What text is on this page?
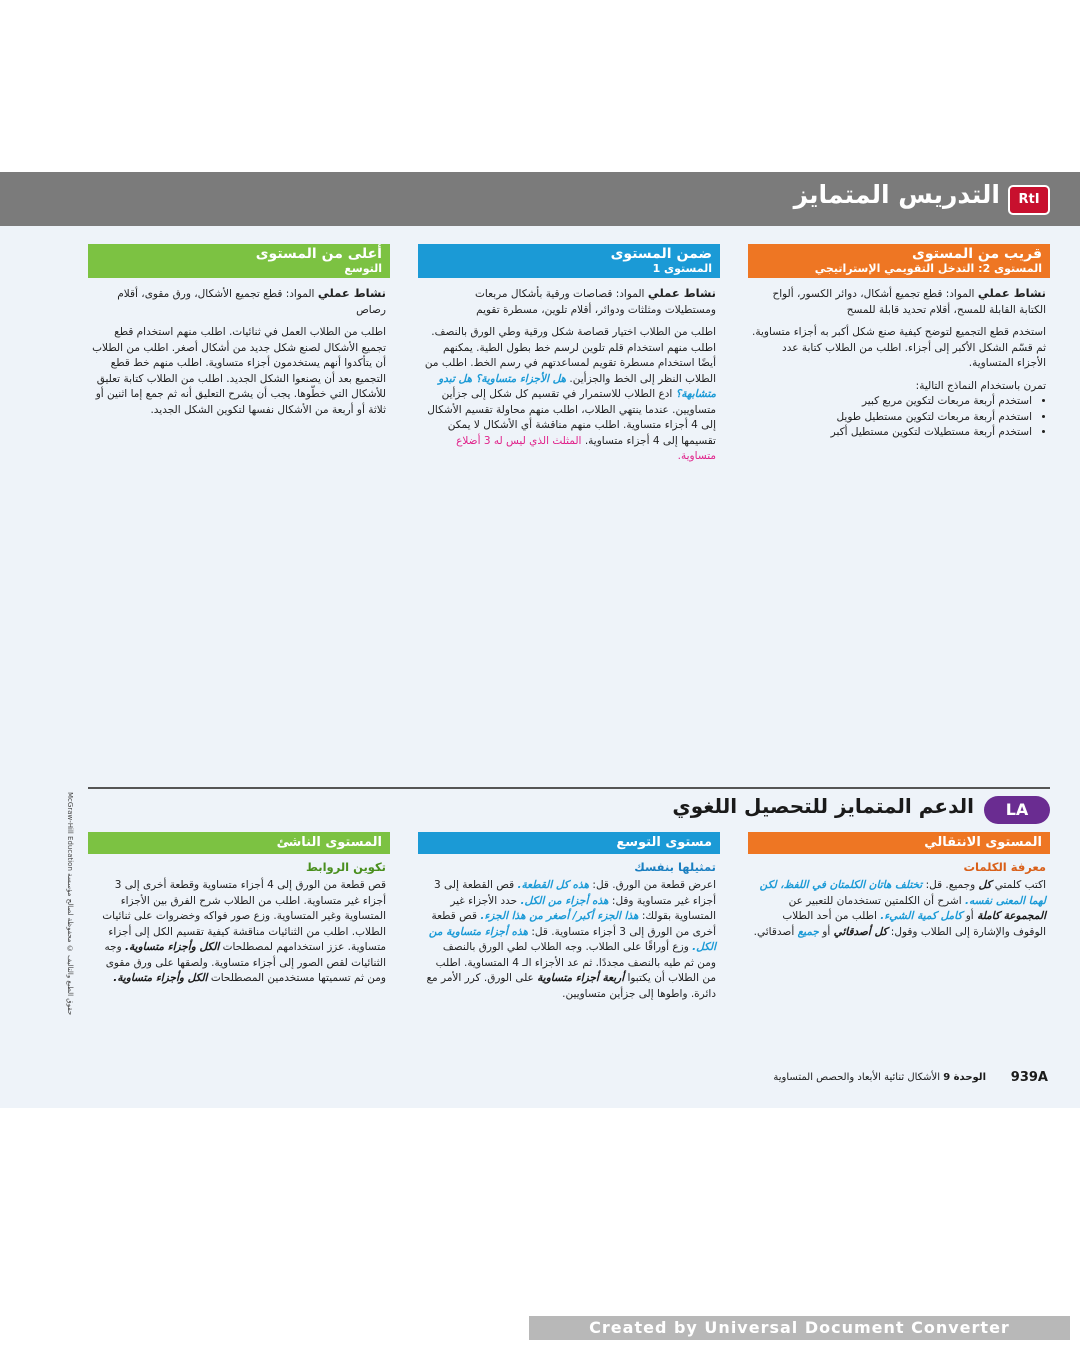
RtI
التدريس المتمايز
قريب من المستوى
المستوى 2: التدخل التقويمي الإستراتيجي

نشاط عملي المواد: قطع تجميع أشكال، دوائر الكسور، ألواح الكتابة القابلة للمسح، أقلام تحديد قابلة للمسح

استخدم قطع التجميع لتوضح كيفية صنع شكل أكبر به أجزاء متساوية. ثم قسّم الشكل الأكبر إلى أجزاء. اطلب من الطلاب كتابة عدد الأجزاء المتساوية.

تمرن باستخدام النماذج التالية:

• استخدم أربعة مربعات لتكوين مربع كبير
• استخدم أربعة مربعات لتكوين مستطيل طويل
• استخدم أربعة مستطيلات لتكوين مستطيل أكبر
ضمن المستوى
المستوى 1

نشاط عملي المواد: قصاصات ورقية بأشكال مربعات ومستطيلات ومثلثات ودوائر، أقلام تلوين، مسطرة تقويم

اطلب من الطلاب اختيار قصاصة شكل ورقية وطي الورق بالنصف. اطلب منهم استخدام قلم تلوين لرسم خط بطول الطية. يمكنهم أيضًا استخدام مسطرة تقويم لمساعدتهم في رسم الخط. اطلب من الطلاب النظر إلى الخط والجزأين. هل الأجزاء متساوية؟ هل تبدو متشابهة؟ ادع الطلاب للاستمرار في تقسيم كل شكل إلى جزأين متساويين. عندما ينتهي الطلاب، اطلب منهم محاولة تقسيم الأشكال إلى 4 أجزاء متساوية. اطلب منهم مناقشة أي الأشكال لا يمكن تقسيمها إلى 4 أجزاء متساوية. المثلث الذي ليس له 3 أضلاع متساوية.

أعلى من المستوى
التوسع

نشاط عملي المواد: قطع تجميع الأشكال، ورق مقوى، أقلام رصاص

اطلب من الطلاب العمل في ثنائيات. اطلب منهم استخدام قطع تجميع الأشكال لصنع شكل جديد من أشكال أصغر. اطلب من الطلاب أن يتأكدوا أنهم يستخدمون أجزاء متساوية. اطلب منهم خط قطع التجميع بعد أن يصنعوا الشكل الجديد. اطلب من الطلاب كتابة تعليق للأشكال التي خطّوها. يجب أن يشرح التعليق أنه ثم جمع إما اثنين أو ثلاثة أو أربعة من الأشكال نفسها لتكوين الشكل الجديد.

McGraw-Hill Education حقوق الطبع والتأليف © محفوظة لصالح مؤسسة
LA
الدعم المتمايز للتحصيل اللغوي
المستوى الانتقالي
معرفة الكلمات

اكتب كلمتي كل وجميع. قل: تختلف هاتان الكلمتان في اللفظ، لكن لهما المعنى نفسه. اشرح أن الكلمتين تستخدمان للتعبير عن المجموعة كاملة أو كامل كمية الشيء. اطلب من أحد الطلاب الوقوف والإشارة إلى الطلاب وقول: كل أصدقائي أو جميع أصدقائي.

مستوى التوسع
تمثيلها بنفسك

اعرض قطعة من الورق. قل: هذه كل القطعة. قص القطعة إلى 3 أجزاء غير متساوية وقل: هذه أجزاء من الكل. حدد الأجزاء غير المتساوية بقولك: هذا الجزء أكبر/ أصغر من هذا الجزء. قص قطعة أخرى من الورق إلى 3 أجزاء متساوية. قل: هذه أجزاء متساوية من الكل. وزع أوراقًا على الطلاب. وجه الطلاب لطي الورق بالنصف ومن ثم طيه بالنصف مجددًا. ثم عد الأجزاء الـ 4 المتساوية. اطلب من الطلاب أن يكتبوا أربعة أجزاء متساوية على الورق. كرر الأمر مع دائرة. واطوها إلى جزأين متساويين.

المستوى الناشئ
تكوين الروابط

قص قطعة من الورق إلى 4 أجزاء متساوية وقطعة أخرى إلى 3 أجزاء غير متساوية. اطلب من الطلاب شرح الفرق بين الأجزاء المتساوية وغير المتساوية. وزع صور فواكه وخضروات على ثنائيات الطلاب. اطلب من الثنائيات مناقشة كيفية تقسيم الكل إلى أجزاء متساوية. عزز استخدامهم لمصطلحات الكل وأجزاء متساوية. وجه الثنائيات لقص الصور إلى أجزاء متساوية. ولصقها على ورق مقوى ومن ثم تسميتها مستخدمين المصطلحات الكل وأجزاء متساوية.

939A
الوحدة 9 الأشكال ثنائية الأبعاد والحصص المتساوية
Created by Universal Document Converter
